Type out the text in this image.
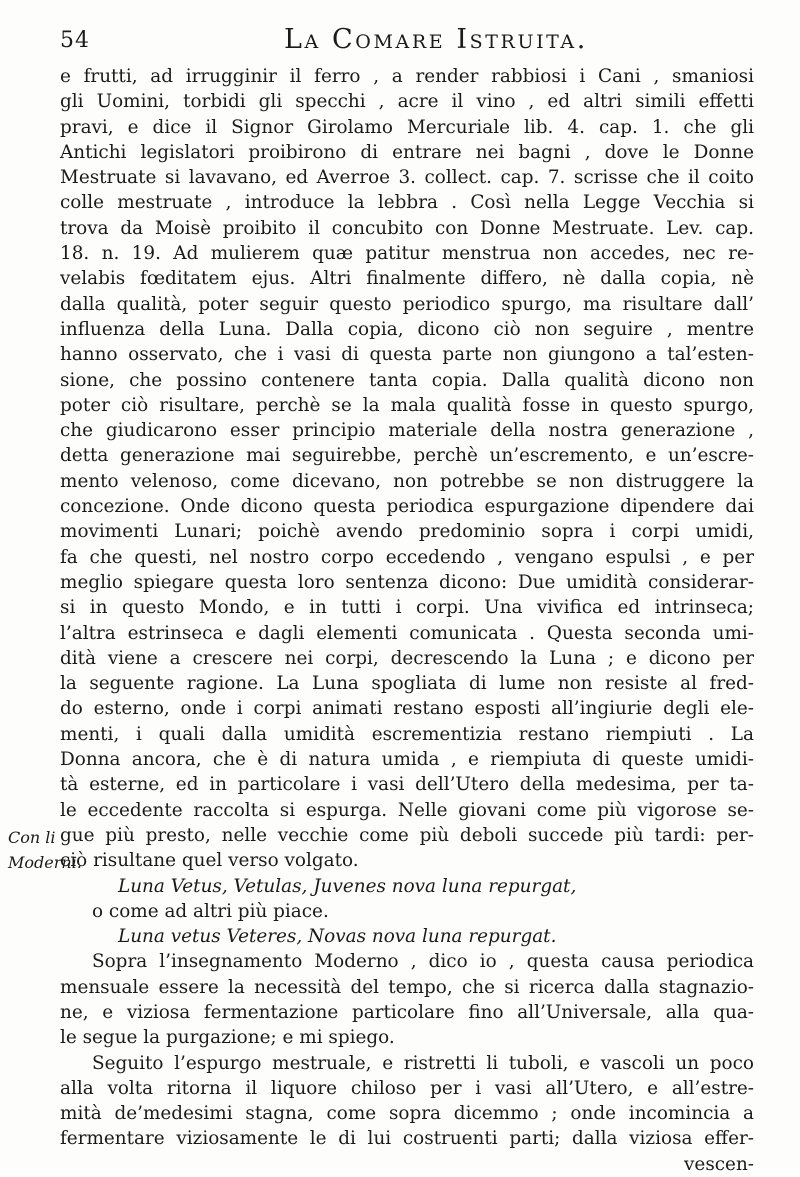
54	La Comare Istruita.
Con li
Moderni.
e frutti, ad irrugginir il ferro , a render rabbiosi i Cani , smaniosi
gli Uomini, torbidi gli specchi , acre il vino , ed altri simili effetti
pravi, e dice il Signor Girolamo Mercuriale lib. 4. cap. 1. che gli
Antichi legislatori proibirono di entrare nei bagni , dove le Donne
Mestruate si lavavano, ed Averroe 3. collect. cap. 7. scrisse che il coito
colle mestruate , introduce la lebbra . Così nella Legge Vecchia si
trova da Moisè proibito il concubito con Donne Mestruate. Lev. cap.
18. n. 19. Ad mulierem quæ patitur menstrua non accedes, nec re-
velabis fœditatem ejus. Altri finalmente differo, nè dalla copia, nè
dalla qualità, poter seguir questo periodico spurgo, ma risultare dall’
influenza della Luna. Dalla copia, dicono ciò non seguire , mentre
hanno osservato, che i vasi di questa parte non giungono a tal’esten-
sione, che possino contenere tanta copia. Dalla qualità dicono non
poter ciò risultare, perchè se la mala qualità fosse in questo spurgo,
che giudicarono esser principio materiale della nostra generazione ,
detta generazione mai seguirebbe, perchè un’escremento, e un’escre-
mento velenoso, come dicevano, non potrebbe se non distruggere la
concezione. Onde dicono questa periodica espurgazione dipendere dai
movimenti Lunari; poichè avendo predominio sopra i corpi umidi,
fa che questi, nel nostro corpo eccedendo , vengano espulsi , e per
meglio spiegare questa loro sentenza dicono: Due umidità considerar-
si in questo Mondo, e in tutti i corpi. Una vivifica ed intrinseca;
l’altra estrinseca e dagli elementi comunicata . Questa seconda umi-
dità viene a crescere nei corpi, decrescendo la Luna ; e dicono per
la seguente ragione. La Luna spogliata di lume non resiste al fred-
do esterno, onde i corpi animati restano esposti all’ingiurie degli ele-
menti, i quali dalla umidità escrementizia restano riempiuti . La
Donna ancora, che è di natura umida , e riempiuta di queste umidi-
tà esterne, ed in particolare i vasi dell’Utero della medesima, per ta-
le eccedente raccolta si espurga. Nelle giovani come più vigorose se-
gue più presto, nelle vecchie come più deboli succede più tardi: per-
ciò risultane quel verso volgato.
Luna Vetus, Vetulas, Juvenes nova luna repurgat,
o come ad altri più piace.
Luna vetus Veteres, Novas nova luna repurgat.
Sopra l’insegnamento Moderno , dico io , questa causa periodica
mensuale essere la necessità del tempo, che si ricerca dalla stagnazio-
ne, e viziosa fermentazione particolare fino all’Universale, alla qua-
le segue la purgazione; e mi spiego.
Seguito l’espurgo mestruale, e ristretti li tuboli, e vascoli un poco
alla volta ritorna il liquore chiloso per i vasi all’Utero, e all’estre-
mità de’medesimi stagna, come sopra dicemmo ; onde incomincia a
fermentare viziosamente le di lui costruenti parti; dalla viziosa effer-
vescen-
